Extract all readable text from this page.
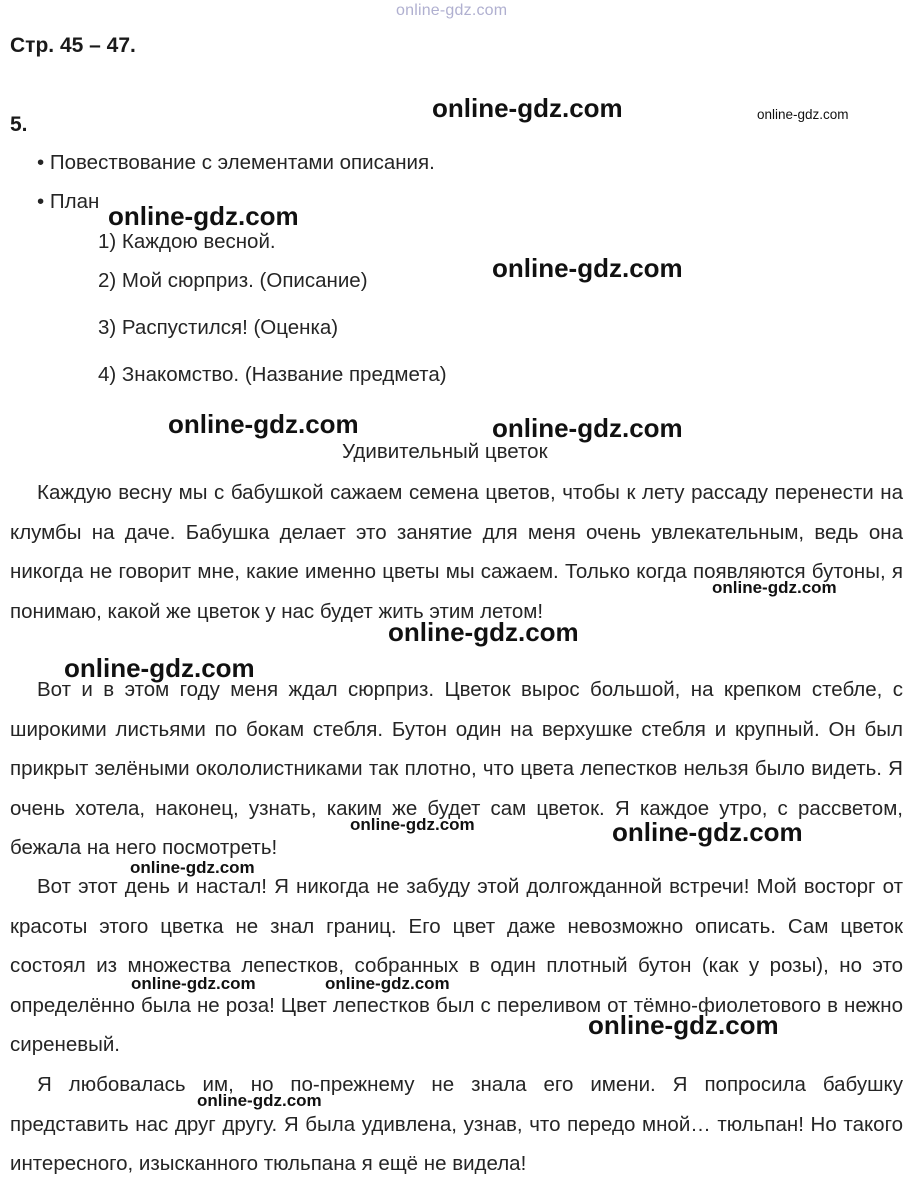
online-gdz.com
Стр. 45 – 47.
5.
• Повествование с элементами описания.
• План
1) Каждою весной.
2) Мой сюрприз. (Описание)
3) Распустился! (Оценка)
4) Знакомство. (Название предмета)
Удивительный цветок
Каждую весну мы с бабушкой сажаем семена цветов, чтобы к лету рассаду перенести на клумбы на даче. Бабушка делает это занятие для меня очень увлекательным, ведь она никогда не говорит мне, какие именно цветы мы сажаем. Только когда появляются бутоны, я понимаю, какой же цветок у нас будет жить этим летом!
Вот и в этом году меня ждал сюрприз. Цветок вырос большой, на крепком стебле, с широкими листьями по бокам стебля. Бутон один на верхушке стебля и крупный. Он был прикрыт зелёными окололистниками так плотно, что цвета лепестков нельзя было видеть. Я очень хотела, наконец, узнать, каким же будет сам цветок. Я каждое утро, с рассветом, бежала на него посмотреть!
Вот этот день и настал! Я никогда не забуду этой долгожданной встречи! Мой восторг от красоты этого цветка не знал границ. Его цвет даже невозможно описать. Сам цветок состоял из множества лепестков, собранных в один плотный бутон (как у розы), но это определённо была не роза! Цвет лепестков был с переливом от тёмно-фиолетового в нежно сиреневый.
Я любовалась им, но по-прежнему не знала его имени. Я попросила бабушку представить нас друг другу. Я была удивлена, узнав, что передо мной… тюльпан! Но такого интересного, изысканного тюльпана я ещё не видела!
online-gdz.com	online-gdz.com
online-gdz.com
online-gdz.com
online-gdz.com	online-gdz.com
online-gdz.com
online-gdz.com
online-gdz.com
online-gdz.com	online-gdz.com
online-gdz.com
online-gdz.com	online-gdz.com
online-gdz.com
online-gdz.com
